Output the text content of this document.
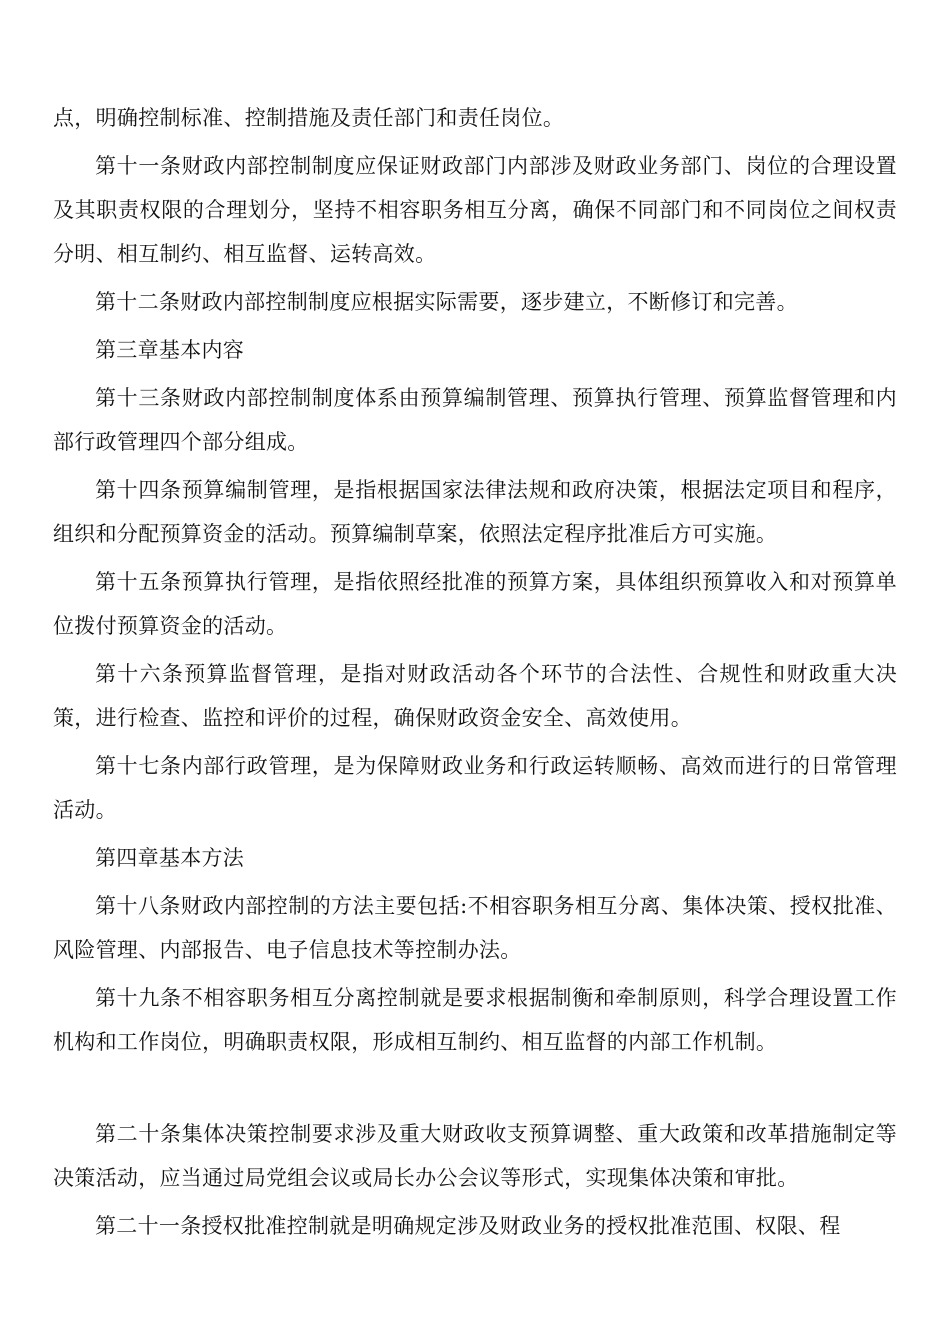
点，明确控制标准、控制措施及责任部门和责任岗位。

第十一条财政内部控制制度应保证财政部门内部涉及财政业务部门、岗位的合理设置及其职责权限的合理划分，坚持不相容职务相互分离，确保不同部门和不同岗位之间权责分明、相互制约、相互监督、运转高效。

第十二条财政内部控制制度应根据实际需要，逐步建立，不断修订和完善。

第三章基本内容

第十三条财政内部控制制度体系由预算编制管理、预算执行管理、预算监督管理和内部行政管理四个部分组成。

第十四条预算编制管理，是指根据国家法律法规和政府决策，根据法定项目和程序，组织和分配预算资金的活动。预算编制草案，依照法定程序批准后方可实施。

第十五条预算执行管理，是指依照经批准的预算方案，具体组织预算收入和对预算单位拨付预算资金的活动。

第十六条预算监督管理，是指对财政活动各个环节的合法性、合规性和财政重大决策，进行检查、监控和评价的过程，确保财政资金安全、高效使用。

第十七条内部行政管理，是为保障财政业务和行政运转顺畅、高效而进行的日常管理活动。

第四章基本方法

第十八条财政内部控制的方法主要包括:不相容职务相互分离、集体决策、授权批准、风险管理、内部报告、电子信息技术等控制办法。

第十九条不相容职务相互分离控制就是要求根据制衡和牵制原则，科学合理设置工作机构和工作岗位，明确职责权限，形成相互制约、相互监督的内部工作机制。

第二十条集体决策控制要求涉及重大财政收支预算调整、重大政策和改革措施制定等决策活动，应当通过局党组会议或局长办公会议等形式，实现集体决策和审批。

第二十一条授权批准控制就是明确规定涉及财政业务的授权批准范围、权限、程
